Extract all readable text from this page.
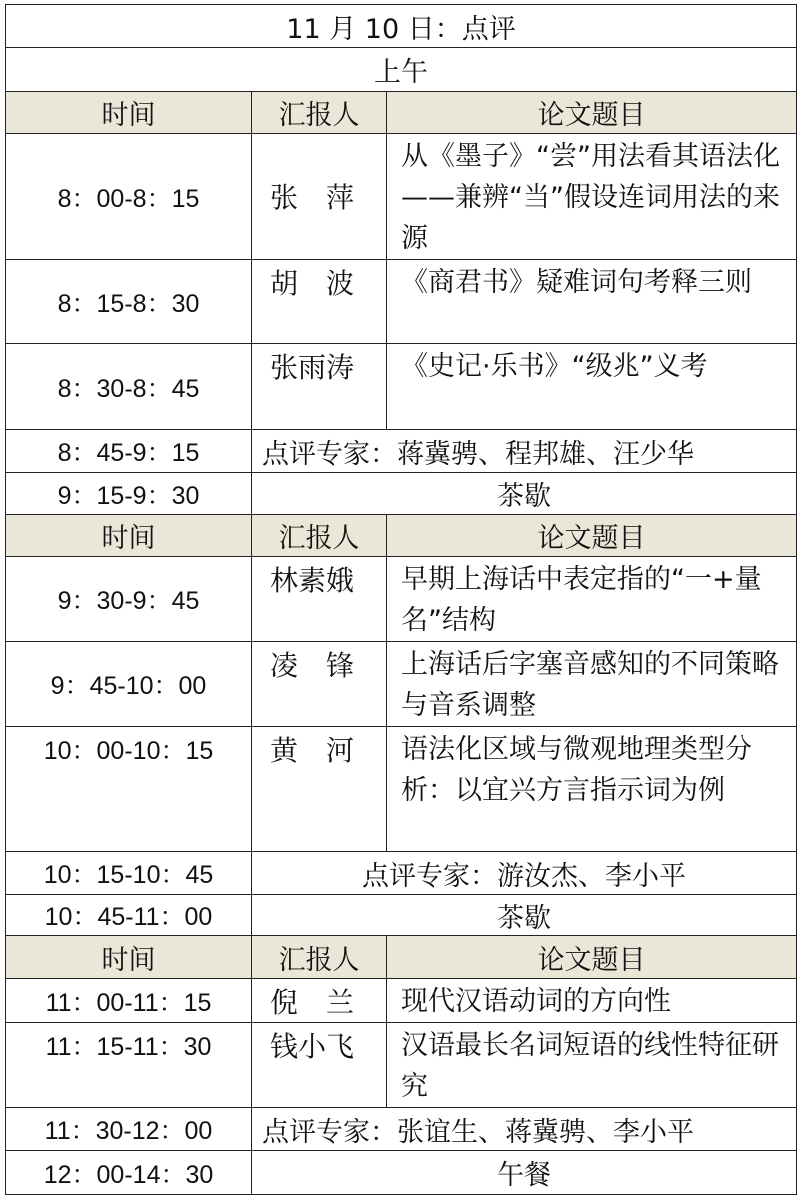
11 月 10 日：点评		
上午		
时间	汇报人	论文题目
8：00-8：15	张　萍	从《墨子》“尝”用法看其语法化——兼辨“当”假设连词用法的来源
8：15-8：30	胡　波	《商君书》疑难词句考释三则
8：30-8：45	张雨涛	《史记·乐书》“级兆”义考
8：45-9：15	点评专家：蒋冀骋、程邦雄、汪少华	
9：15-9：30	茶歇	
时间	汇报人	论文题目
9：30-9：45	林素娥	早期上海话中表定指的“一+量名”结构
9：45-10：00	凌　锋	上海话后字塞音感知的不同策略与音系调整
10：00-10：15	黄　河	语法化区域与微观地理类型分析：以宜兴方言指示词为例
10：15-10：45	点评专家：游汝杰、李小平	
10：45-11：00	茶歇	
时间	汇报人	论文题目
11：00-11：15	倪　兰	现代汉语动词的方向性
11：15-11：30	钱小飞	汉语最长名词短语的线性特征研究
11：30-12：00	点评专家：张谊生、蒋冀骋、李小平	
12：00-14：30	午餐	
